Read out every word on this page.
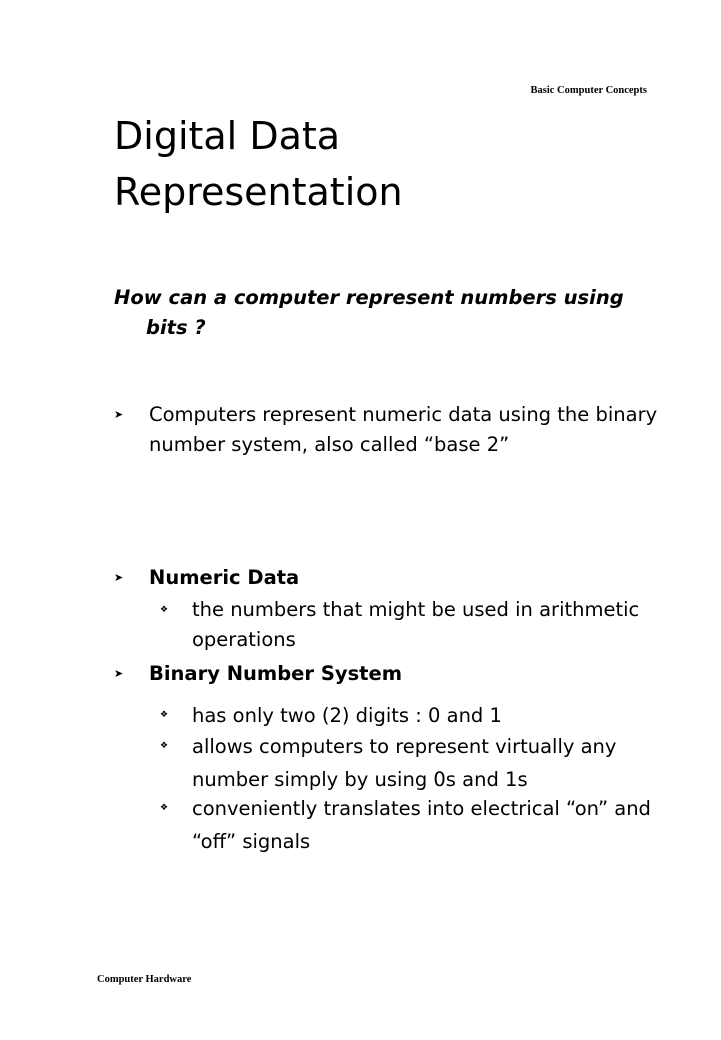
Basic Computer Concepts
Digital Data
Representation

How can a computer represent numbers using bits ?

➤ Computers represent numeric data using the binary number system, also called “base 2”
➤ Numeric Data
❖ the numbers that might be used in arithmetic operations
➤ Binary Number System
❖ has only two (2) digits : 0 and 1
❖ allows computers to represent virtually any number simply by using 0s and 1s
❖ conveniently translates into electrical “on” and “off” signals
Computer Hardware
